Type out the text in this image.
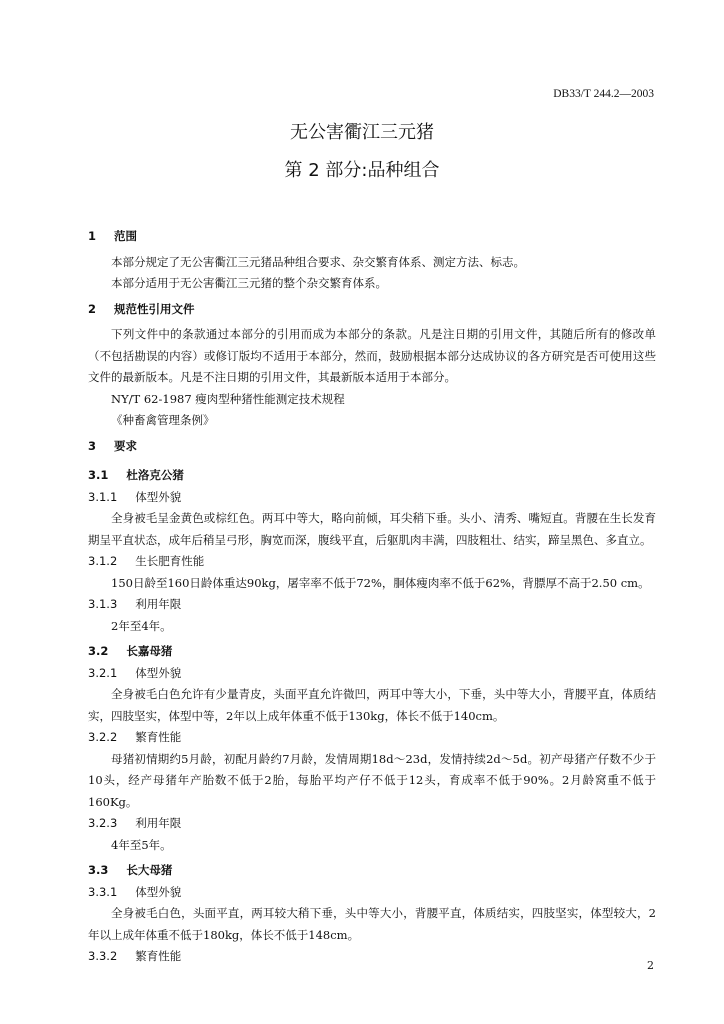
DB33/T 244.2—2003
无公害衢江三元猪
第 2 部分:品种组合
1 范围
本部分规定了无公害衢江三元猪品种组合要求、杂交繁育体系、测定方法、标志。
本部分适用于无公害衢江三元猪的整个杂交繁育体系。
2 规范性引用文件
下列文件中的条款通过本部分的引用而成为本部分的条款。凡是注日期的引用文件，其随后所有的修改单（不包括勘误的内容）或修订版均不适用于本部分，然而，鼓励根据本部分达成协议的各方研究是否可使用这些文件的最新版本。凡是不注日期的引用文件，其最新版本适用于本部分。
NY/T 62-1987 瘦肉型种猪性能测定技术规程
《种畜禽管理条例》
3 要求
3.1 杜洛克公猪
3.1.1 体型外貌
全身被毛呈金黄色或棕红色。两耳中等大，略向前倾，耳尖稍下垂。头小、清秀、嘴短直。背腰在生长发育期呈平直状态，成年后稍呈弓形，胸宽而深，腹线平直，后躯肌肉丰满，四肢粗壮、结实，蹄呈黑色、多直立。
3.1.2 生长肥育性能
150日龄至160日龄体重达90kg，屠宰率不低于72%，胴体瘦肉率不低于62%，背膘厚不高于2.50 cm。
3.1.3 利用年限
2年至4年。
3.2 长嘉母猪
3.2.1 体型外貌
全身被毛白色允许有少量青皮，头面平直允许微凹，两耳中等大小，下垂，头中等大小，背腰平直，体质结实，四肢坚实，体型中等，2年以上成年体重不低于130kg，体长不低于140cm。
3.2.2 繁育性能
母猪初情期约5月龄，初配月龄约7月龄，发情周期18d～23d，发情持续2d～5d。初产母猪产仔数不少于10头，经产母猪年产胎数不低于2胎，每胎平均产仔不低于12头，育成率不低于90%。2月龄窝重不低于160Kg。
3.2.3 利用年限
4年至5年。
3.3 长大母猪
3.3.1 体型外貌
全身被毛白色，头面平直，两耳较大稍下垂，头中等大小，背腰平直，体质结实，四肢坚实，体型较大，2年以上成年体重不低于180kg，体长不低于148cm。
3.3.2 繁育性能
2
